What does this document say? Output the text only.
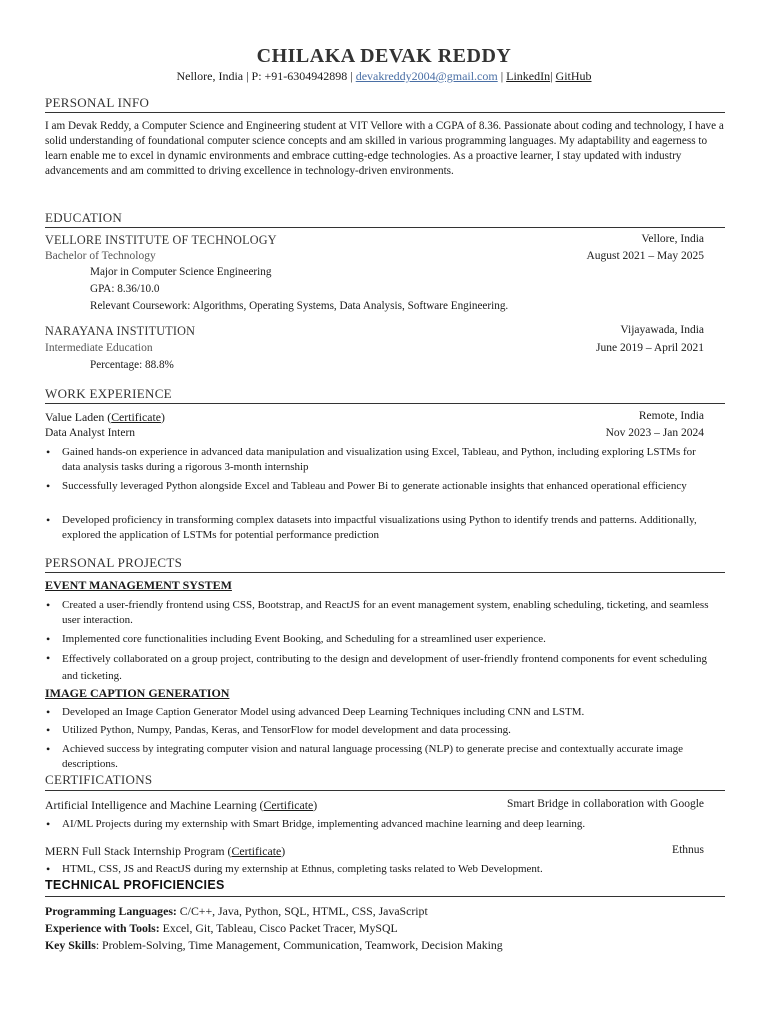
CHILAKA DEVAK REDDY
Nellore, India | P: +91-6304942898 | devakreddy2004@gmail.com | LinkedIn| GitHub
PERSONAL INFO
I am Devak Reddy, a Computer Science and Engineering student at VIT Vellore with a CGPA of 8.36. Passionate about coding and technology, I have a solid understanding of foundational computer science concepts and am skilled in various programming languages. My adaptability and eagerness to learn enable me to excel in dynamic environments and embrace cutting-edge technologies. As a proactive learner, I stay updated with industry advancements and am committed to driving excellence in technology-driven environments.
EDUCATION
VELLORE INSTITUTE OF TECHNOLOGY	Vellore, India
Bachelor of Technology	August 2021 – May 2025
Major in Computer Science Engineering
GPA: 8.36/10.0
Relevant Coursework: Algorithms, Operating Systems, Data Analysis, Software Engineering.
NARAYANA INSTITUTION	Vijayawada, India
Intermediate Education	June 2019 – April 2021
Percentage: 88.8%
WORK EXPERIENCE
Value Laden (Certificate)	Remote, India
Data Analyst Intern	Nov 2023 – Jan 2024
• Gained hands-on experience in advanced data manipulation and visualization using Excel, Tableau, and Python, including exploring LSTMs for data analysis tasks during a rigorous 3-month internship
• Successfully leveraged Python alongside Excel and Tableau and Power Bi to generate actionable insights that enhanced operational efficiency
• Developed proficiency in transforming complex datasets into impactful visualizations using Python to identify trends and patterns. Additionally, explored the application of LSTMs for potential performance prediction
PERSONAL PROJECTS
EVENT MANAGEMENT SYSTEM
• Created a user-friendly frontend using CSS, Bootstrap, and ReactJS for an event management system, enabling scheduling, ticketing, and seamless user interaction.
• Implemented core functionalities including Event Booking, and Scheduling for a streamlined user experience.
• Effectively collaborated on a group project, contributing to the design and development of user-friendly frontend components for event scheduling and ticketing.
IMAGE CAPTION GENERATION
• Developed an Image Caption Generator Model using advanced Deep Learning Techniques including CNN and LSTM.
• Utilized Python, Numpy, Pandas, Keras, and TensorFlow for model development and data processing.
• Achieved success by integrating computer vision and natural language processing (NLP) to generate precise and contextually accurate image descriptions.
CERTIFICATIONS
Artificial Intelligence and Machine Learning (Certificate)	Smart Bridge in collaboration with Google
• AI/ML Projects during my externship with Smart Bridge, implementing advanced machine learning and deep learning.
MERN Full Stack Internship Program (Certificate)	Ethnus
• HTML, CSS, JS and ReactJS during my externship at Ethnus, completing tasks related to Web Development.
TECHNICAL PROFICIENCIES
Programming Languages: C/C++, Java, Python, SQL, HTML, CSS, JavaScript
Experience with Tools: Excel, Git, Tableau, Cisco Packet Tracer, MySQL
Key Skills: Problem-Solving, Time Management, Communication, Teamwork, Decision Making
